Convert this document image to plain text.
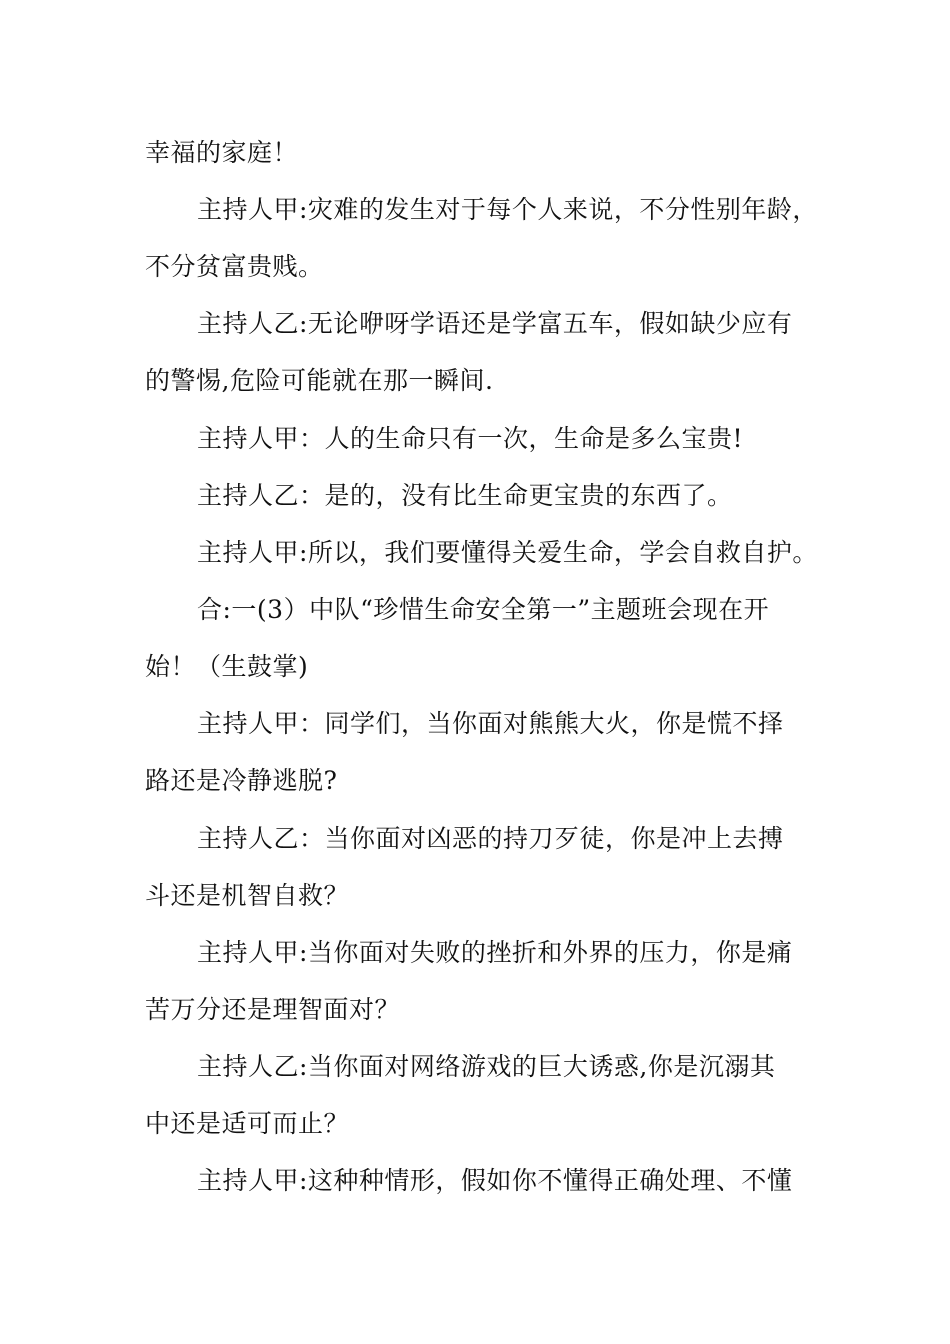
幸福的家庭！
主持人甲:灾难的发生对于每个人来说，不分性别年龄，
不分贫富贵贱。
主持人乙:无论咿呀学语还是学富五车，假如缺少应有
的警惕,危险可能就在那一瞬间.
主持人甲：人的生命只有一次，生命是多么宝贵!
主持人乙：是的，没有比生命更宝贵的东西了。
主持人甲:所以，我们要懂得关爱生命，学会自救自护。
合:一(3）中队“珍惜生命安全第一”主题班会现在开
始！（生鼓掌)
主持人甲：同学们，当你面对熊熊大火，你是慌不择
路还是冷静逃脱?
主持人乙：当你面对凶恶的持刀歹徒，你是冲上去搏
斗还是机智自救？
主持人甲:当你面对失败的挫折和外界的压力，你是痛
苦万分还是理智面对？
主持人乙:当你面对网络游戏的巨大诱惑,你是沉溺其
中还是适可而止？
主持人甲:这种种情形，假如你不懂得正确处理、不懂
